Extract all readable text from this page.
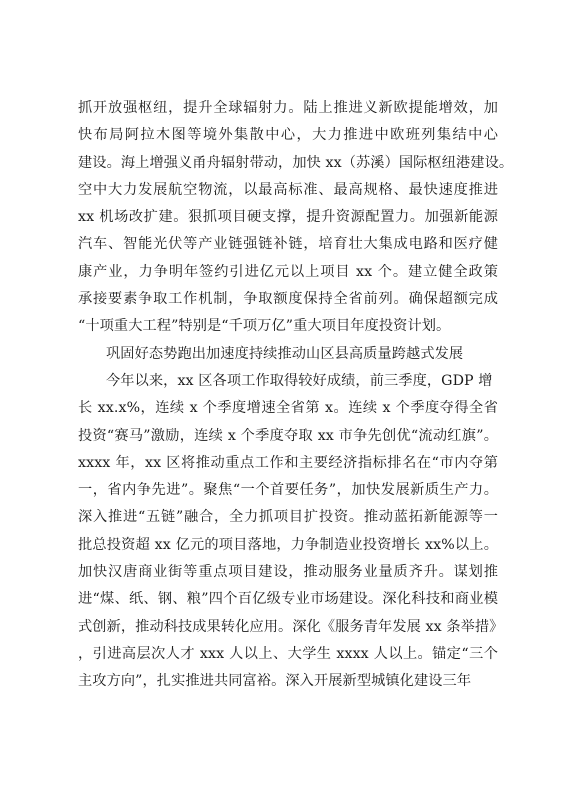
抓开放强枢纽，提升全球辐射力。陆上推进义新欧提能增效，加
快布局阿拉木图等境外集散中心，大力推进中欧班列集结中心
建设。海上增强义甬舟辐射带动，加快 xx（苏溪）国际枢纽港建设。
空中大力发展航空物流，以最高标准、最高规格、最快速度推进
xx 机场改扩建。狠抓项目硬支撑，提升资源配置力。加强新能源
汽车、智能光伏等产业链强链补链，培育壮大集成电路和医疗健
康产业，力争明年签约引进亿元以上项目 xx 个。建立健全政策
承接要素争取工作机制，争取额度保持全省前列。确保超额完成
“十项重大工程”特别是“千项万亿”重大项目年度投资计划。
巩固好态势跑出加速度持续推动山区县高质量跨越式发展
今年以来，xx 区各项工作取得较好成绩，前三季度，GDP 增
长 xx.x%，连续 x 个季度增速全省第 x。连续 x 个季度夺得全省
投资“赛马”激励，连续 x 个季度夺取 xx 市争先创优“流动红旗”。
xxxx 年，xx 区将推动重点工作和主要经济指标排名在“市内夺第
一，省内争先进”。聚焦“一个首要任务”，加快发展新质生产力。
深入推进“五链”融合，全力抓项目扩投资。推动蓝拓新能源等一
批总投资超 xx 亿元的项目落地，力争制造业投资增长 xx%以上。
加快汉唐商业街等重点项目建设，推动服务业量质齐升。谋划推
进“煤、纸、钢、粮”四个百亿级专业市场建设。深化科技和商业模
式创新，推动科技成果转化应用。深化《服务青年发展 xx 条举措》
，引进高层次人才 xxx 人以上、大学生 xxxx 人以上。锚定“三个
主攻方向”，扎实推进共同富裕。深入开展新型城镇化建设三年
